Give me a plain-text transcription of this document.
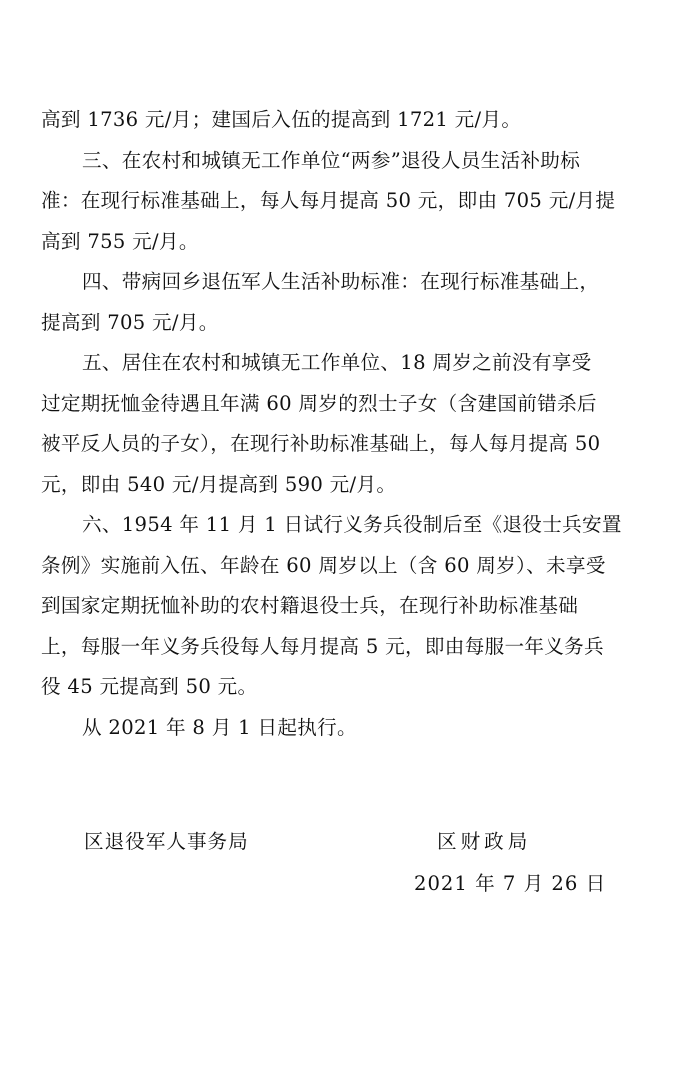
高到 1736 元/月；建国后入伍的提高到 1721 元/月。
三、在农村和城镇无工作单位“两参”退役人员生活补助标
准：在现行标准基础上，每人每月提高 50 元，即由 705 元/月提
高到 755 元/月。
四、带病回乡退伍军人生活补助标准：在现行标准基础上，
提高到 705 元/月。
五、居住在农村和城镇无工作单位、18 周岁之前没有享受
过定期抚恤金待遇且年满 60 周岁的烈士子女（含建国前错杀后
被平反人员的子女），在现行补助标准基础上，每人每月提高 50
元，即由 540 元/月提高到 590 元/月。
六、1954 年 11 月 1 日试行义务兵役制后至《退役士兵安置
条例》实施前入伍、年龄在 60 周岁以上（含 60 周岁）、未享受
到国家定期抚恤补助的农村籍退役士兵，在现行补助标准基础
上，每服一年义务兵役每人每月提高 5 元，即由每服一年义务兵
役 45 元提高到 50 元。
从 2021 年 8 月 1 日起执行。
区退役军人事务局	区财政局
2021 年 7 月 26 日
